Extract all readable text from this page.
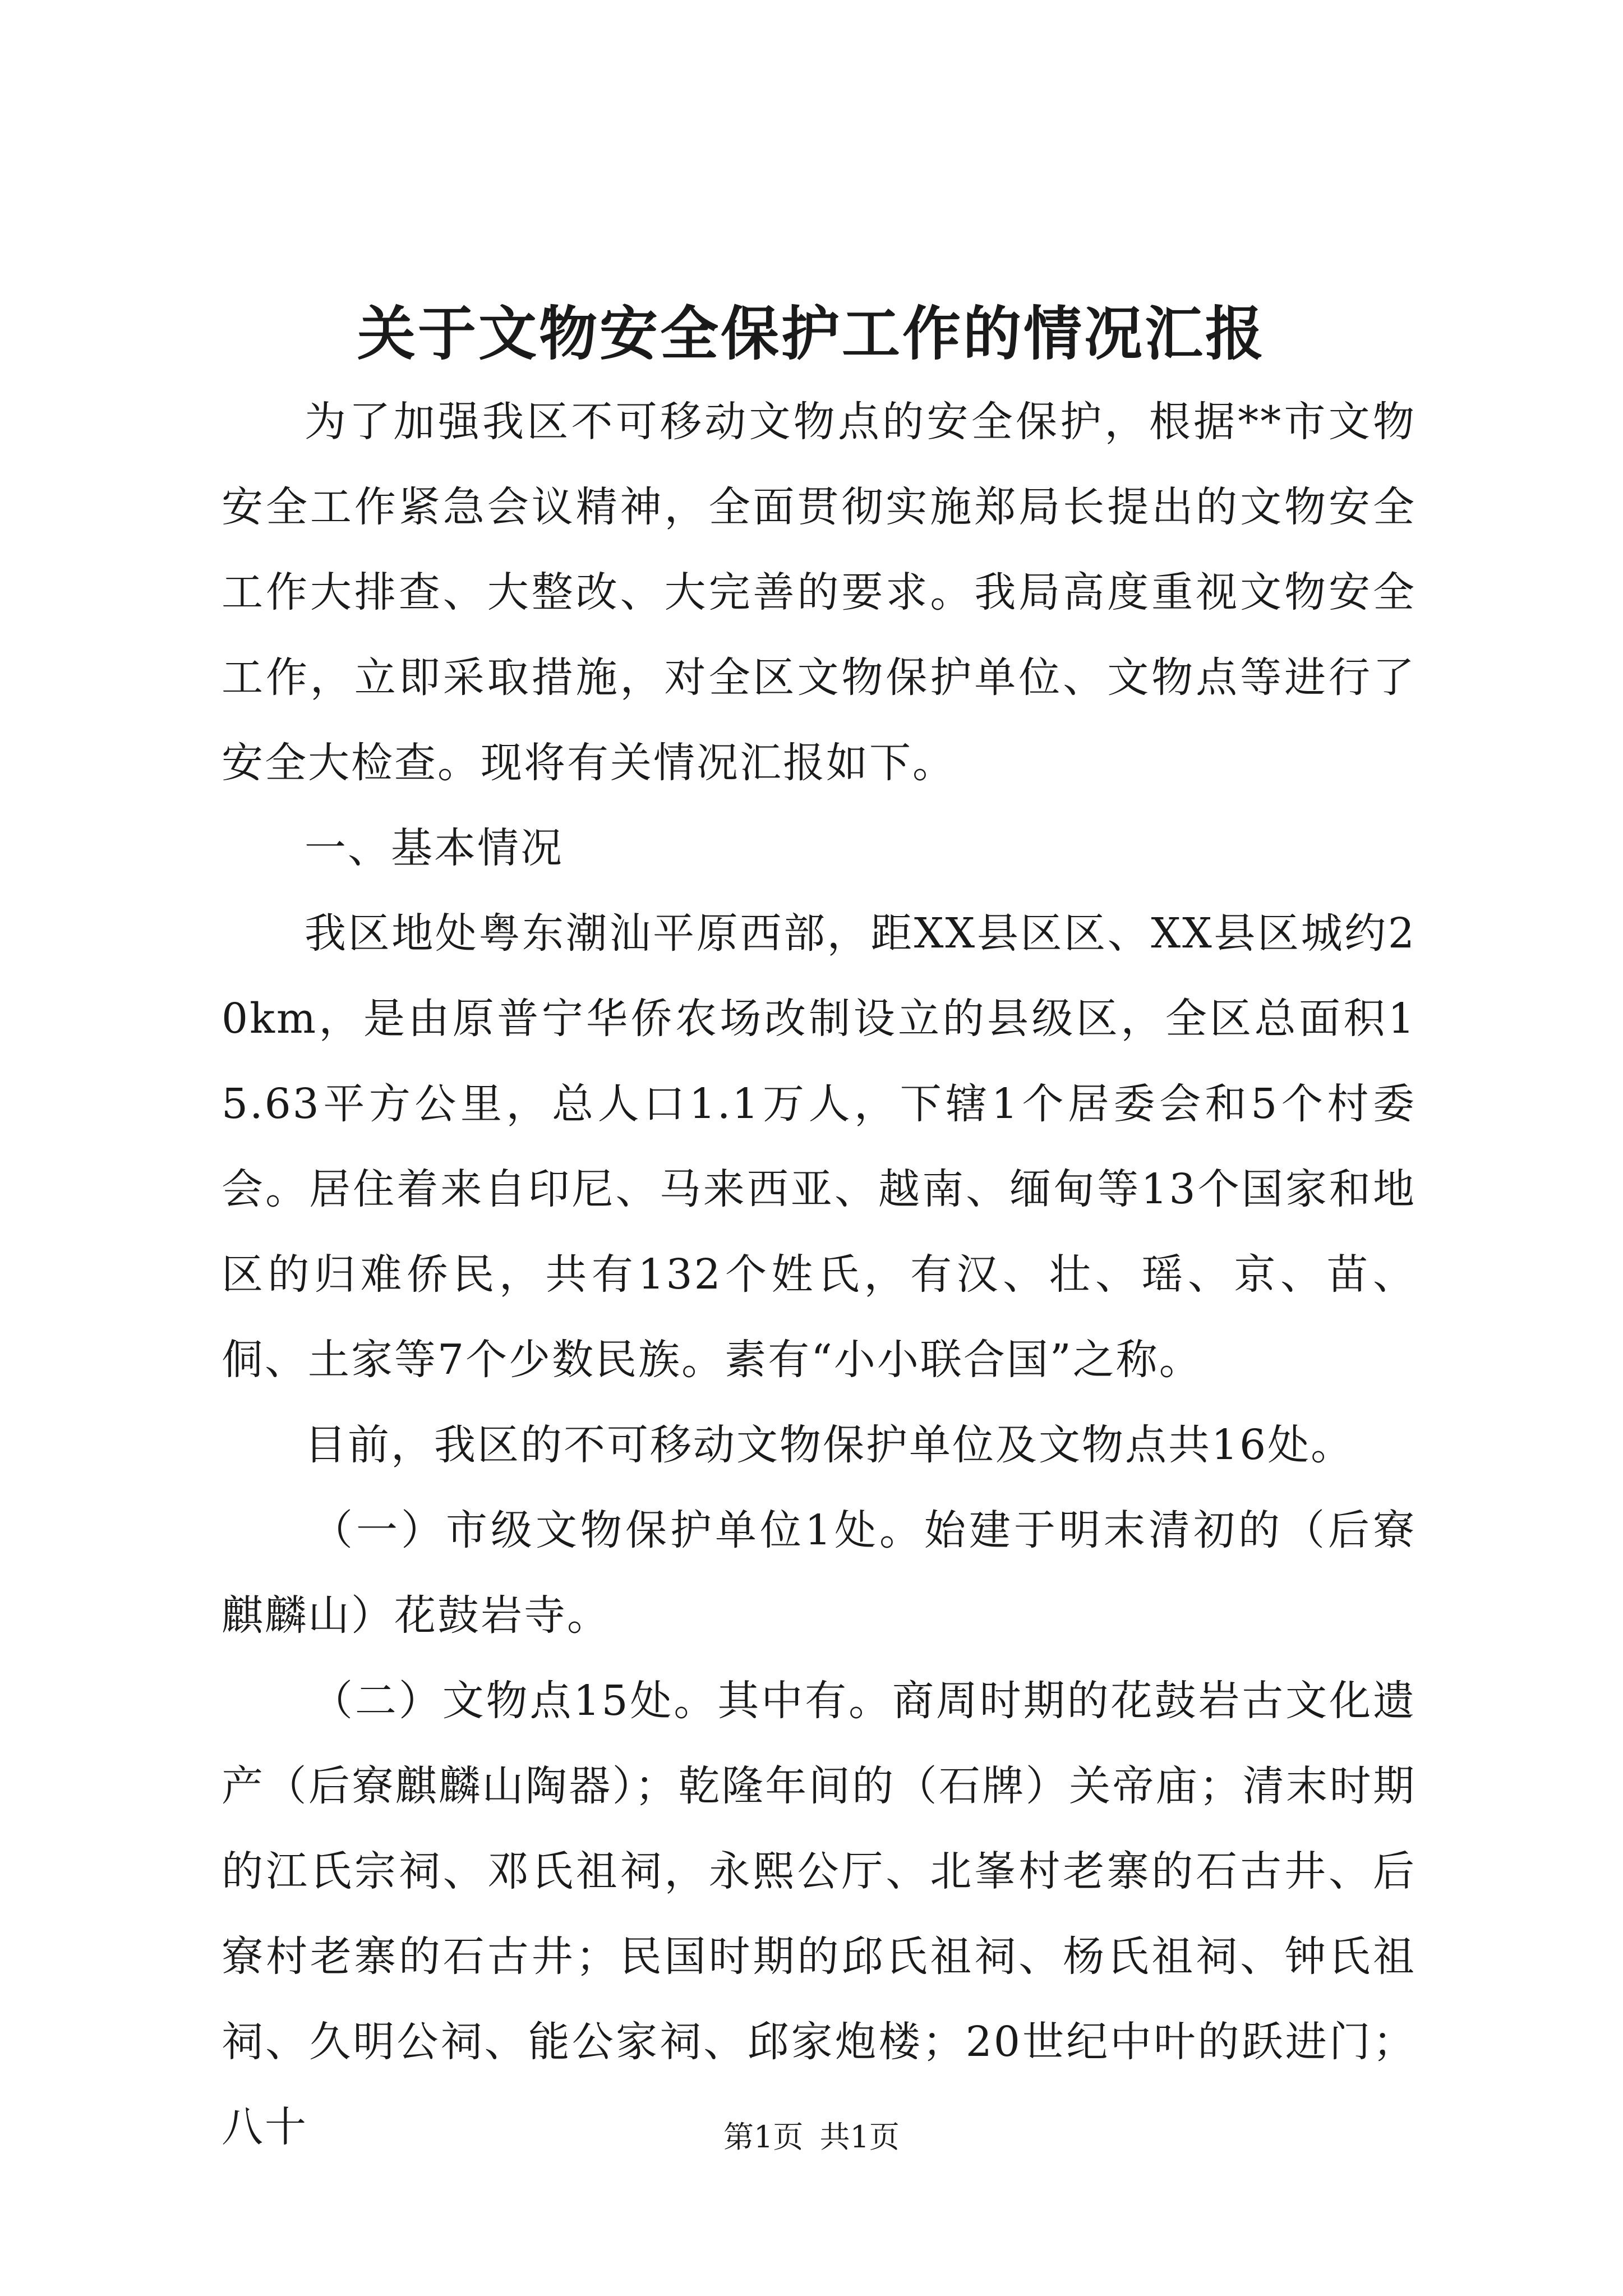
关于文物安全保护工作的情况汇报

为了加强我区不可移动文物点的安全保护，根据**市文物安全工作紧急会议精神，全面贯彻实施郑局长提出的文物安全工作大排查、大整改、大完善的要求。我局高度重视文物安全工作，立即采取措施，对全区文物保护单位、文物点等进行了安全大检查。现将有关情况汇报如下。

一、基本情况

我区地处粤东潮汕平原西部，距XX县区区、XX县区城约20km，是由原普宁华侨农场改制设立的县级区，全区总面积15.63平方公里，总人口1.1万人，下辖1个居委会和5个村委会。居住着来自印尼、马来西亚、越南、缅甸等13个国家和地区的归难侨民，共有132个姓氏，有汉、壮、瑶、京、苗、侗、土家等7个少数民族。素有“小小联合国”之称。

目前，我区的不可移动文物保护单位及文物点共16处。

（一）市级文物保护单位1处。始建于明末清初的（后寮麒麟山）花鼓岩寺。

（二）文物点15处。其中有。商周时期的花鼓岩古文化遗产（后寮麒麟山陶器）；乾隆年间的（石牌）关帝庙；清末时期的江氏宗祠、邓氏祖祠，永熙公厅、北峯村老寨的石古井、后寮村老寨的石古井；民国时期的邱氏祖祠、杨氏祖祠、钟氏祖祠、久明公祠、能公家祠、邱家炮楼；20世纪中叶的跃进门；八十	第1页 共1页
